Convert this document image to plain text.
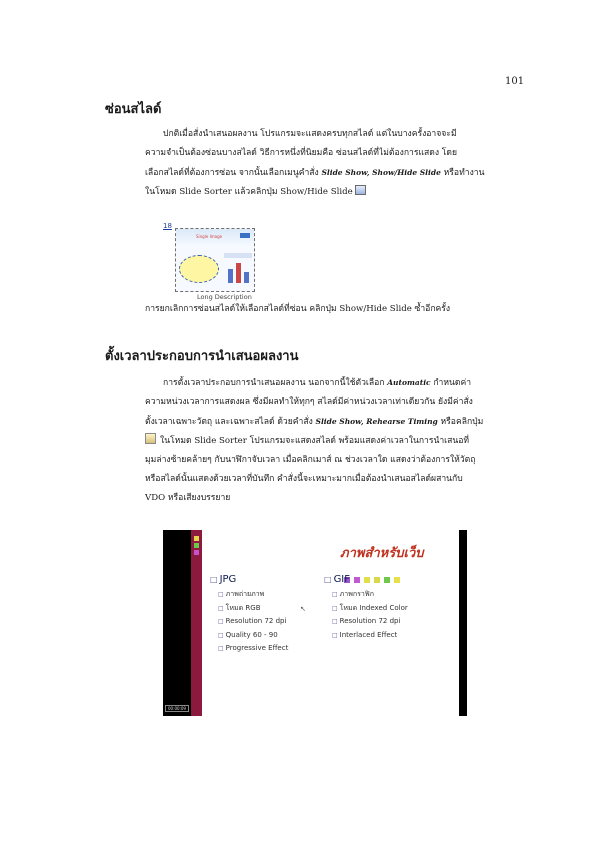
101
ซ่อนสไลด์
ปกติเมื่อสั่งนำเสนอผลงาน โปรแกรมจะแสดงครบทุกสไลด์ แต่ในบางครั้งอาจจะมี
ความจำเป็นต้องซ่อนบางสไลด์ วิธีการหนึ่งที่นิยมคือ ซ่อนสไลด์ที่ไม่ต้องการแสดง โดย
เลือกสไลด์ที่ต้องการซ่อน จากนั้นเลือกเมนูคำสั่ง Slide Show, Show/Hide Slide หรือทำงาน
ในโหมด Slide Sorter แล้วคลิกปุ่ม Show/Hide Slide
18
Single Image
Long Description
การยกเลิกการซ่อนสไลด์ให้เลือกสไลด์ที่ซ่อน คลิกปุ่ม Show/Hide Slide ซ้ำอีกครั้ง
ตั้งเวลาประกอบการนำเสนอผลงาน
การตั้งเวลาประกอบการนำเสนอผลงาน นอกจากนี้ใช้ตัวเลือก Automatic กำหนดค่า
ความหน่วงเวลาการแสดงผล ซึ่งมีผลทำให้ทุกๆ สไลด์มีค่าหน่วงเวลาเท่าเดียวกัน ยังมีค่าสั่ง
ตั้งเวลาเฉพาะวัตถุ และเฉพาะสไลด์ ด้วยคำสั่ง Slide Show, Rehearse Timing หรือคลิกปุ่ม
ในโหมด Slide Sorter โปรแกรมจะแสดงสไลด์ พร้อมแสดงค่าเวลาในการนำเสนอที่
มุมล่างซ้ายคล้ายๆ กับนาฬิกาจับเวลา เมื่อคลิกเมาส์ ณ ช่วงเวลาใด แสดงว่าต้องการให้วัตถุ
หรือสไลด์นั้นแสดงด้วยเวลาที่บันทึก คำสั่งนี้จะเหมาะมากเมื่อต้องนำเสนอสไลด์ผสานกับ
VDO หรือเสียงบรรยาย
ภาพสำหรับเว็บ
□ JPG
□ ภาพถ่ายภาพ
□ โหมด RGB
□ Resolution 72 dpi
□ Quality 60 - 90
□ Progressive Effect
↖
□ GIF
□ ภาพกราฟิก
□ โหมด Indexed Color
□ Resolution 72 dpi
□ Interlaced Effect
00:00:09
